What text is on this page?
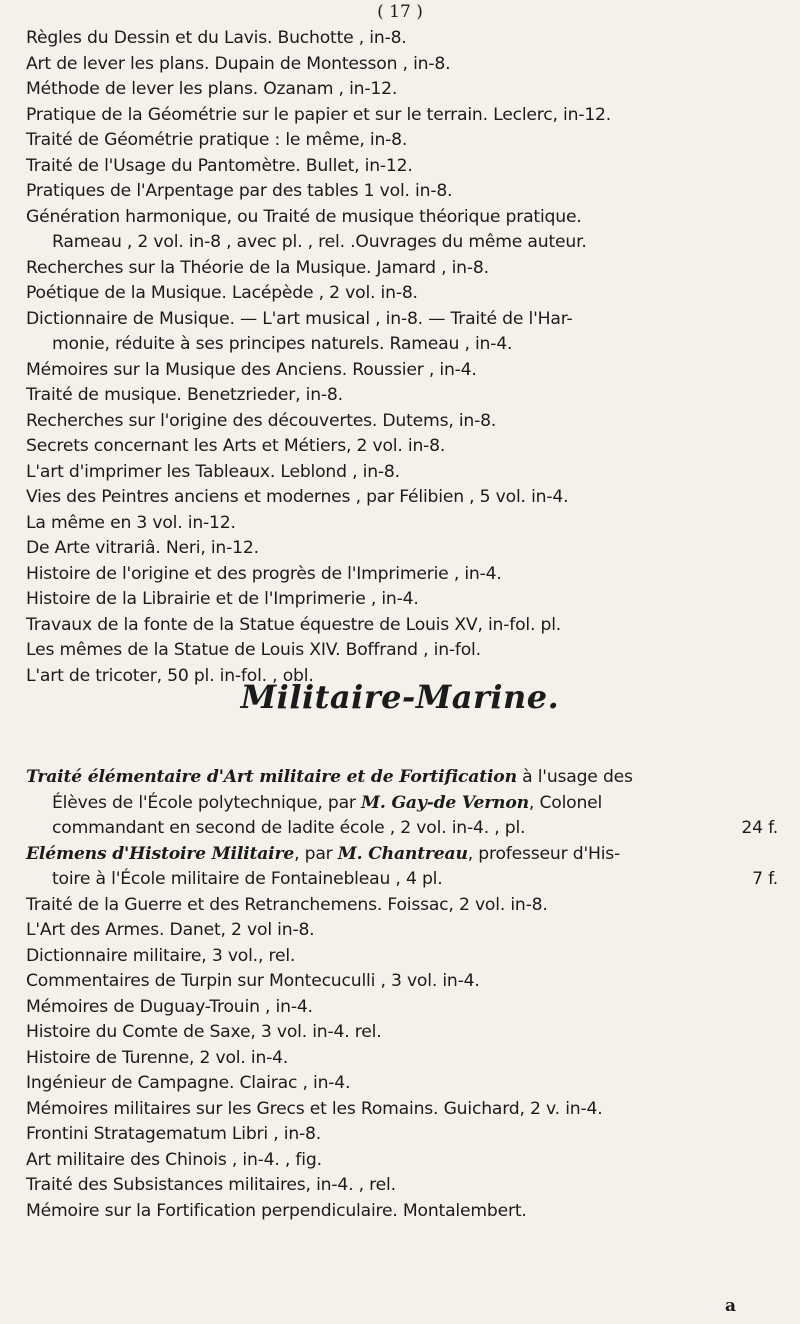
( 17 )
Règles du Dessin et du Lavis. Buchotte , in-8.
Art de lever les plans. Dupain de Montesson , in-8.
Méthode de lever les plans. Ozanam , in-12.
Pratique de la Géométrie sur le papier et sur le terrain. Leclerc, in-12.
Traité de Géométrie pratique : le même, in-8.
Traité de l'Usage du Pantomètre. Bullet, in-12.
Pratiques de l'Arpentage par des tables 1 vol. in-8.
Génération harmonique, ou Traité de musique théorique pratique.
Rameau , 2 vol. in-8 , avec pl. , rel. .Ouvrages du même auteur.
Recherches sur la Théorie de la Musique. Jamard , in-8.
Poétique de la Musique. Lacépède , 2 vol. in-8.
Dictionnaire de Musique. — L'art musical , in-8. — Traité de l'Har-
monie, réduite à ses principes naturels. Rameau , in-4.
Mémoires sur la Musique des Anciens. Roussier , in-4.
Traité de musique. Benetzrieder, in-8.
Recherches sur l'origine des découvertes. Dutems, in-8.
Secrets concernant les Arts et Métiers, 2 vol. in-8.
L'art d'imprimer les Tableaux. Leblond , in-8.
Vies des Peintres anciens et modernes , par Félibien , 5 vol. in-4.
La même en 3 vol. in-12.
De Arte vitrariâ. Neri, in-12.
Histoire de l'origine et des progrès de l'Imprimerie , in-4.
Histoire de la Librairie et de l'Imprimerie , in-4.
Travaux de la fonte de la Statue équestre de Louis XV, in-fol. pl.
Les mêmes de la Statue de Louis XIV. Boffrand , in-fol.
L'art de tricoter, 50 pl. in-fol. , obl.
Militaire-Marine.
Traité élémentaire d'Art militaire et de Fortification à l'usage des
Élèves de l'École polytechnique, par M. Gay-de Vernon, Colonel
commandant en second de ladite école , 2 vol. in-4. , pl.	24 f.
Elémens d'Histoire Militaire, par M. Chantreau, professeur d'His-
toire à l'École militaire de Fontainebleau , 4 pl.	7 f.
Traité de la Guerre et des Retranchemens. Foissac, 2 vol. in-8.
L'Art des Armes. Danet, 2 vol in-8.
Dictionnaire militaire, 3 vol., rel.
Commentaires de Turpin sur Montecuculli , 3 vol. in-4.
Mémoires de Duguay-Trouin , in-4.
Histoire du Comte de Saxe, 3 vol. in-4. rel.
Histoire de Turenne, 2 vol. in-4.
Ingénieur de Campagne. Clairac , in-4.
Mémoires militaires sur les Grecs et les Romains. Guichard, 2 v. in-4.
Frontini Stratagematum Libri , in-8.
Art militaire des Chinois , in-4. , fig.
Traité des Subsistances militaires, in-4. , rel.
Mémoire sur la Fortification perpendiculaire. Montalembert.
a
